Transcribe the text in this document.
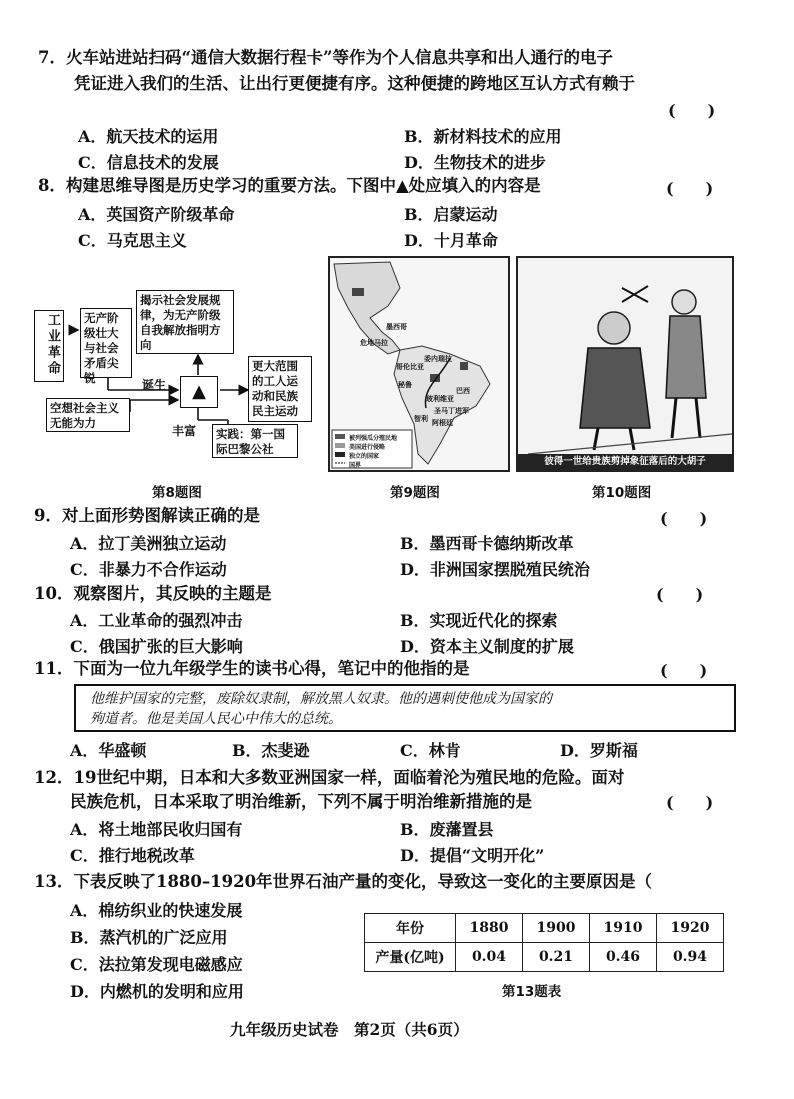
7．火车站进站扫码“通信大数据行程卡”等作为个人信息共享和出人通行的电子
凭证进入我们的生活、让出行更便捷有序。这种便捷的跨地区互认方式有赖于
(　　)
A．航天技术的运用	B．新材料技术的应用
C．信息技术的发展	D．生物技术的进步
8．构建思维导图是历史学习的重要方法。下图中▲处应填入的内容是	(　　)
A．英国资产阶级革命	B．启蒙运动
C．马克思主义	D．十月革命
工业革命	无产阶级壮大与社会矛盾尖锐
揭示社会发展规律，为无产阶级自我解放指明方向
诞生	▲
更大范围的工人运动和民族民主运动
空想社会主义无能为力
丰富	实践：第一国际巴黎公社
第8题图
墨西哥
危地马拉
委内瑞拉
哥伦比亚
巴西
秘鲁
玻利维亚
智利 阿根廷
圣马丁进军
被列强瓜分殖民地
美国进行侵略
独立的国家
国界
第9题图
彼得一世给贵族剪掉象征落后的大胡子
第10题图
9．对上面形势图解读正确的是	(　　)
A．拉丁美洲独立运动	B．墨西哥卡德纳斯改革
C．非暴力不合作运动	D．非洲国家摆脱殖民统治
10．观察图片，其反映的主题是	(　　)
A．工业革命的强烈冲击	B．实现近代化的探索
C．俄国扩张的巨大影响	D．资本主义制度的扩展
11．下面为一位九年级学生的读书心得，笔记中的他指的是	(　　)
他维护国家的完整，废除奴隶制，解放黑人奴隶。他的遇刺使他成为国家的
殉道者。他是美国人民心中伟大的总统。
A．华盛顿	B．杰斐逊	C．林肯	D．罗斯福
12．19世纪中期，日本和大多数亚洲国家一样，面临着沦为殖民地的危险。面对
民族危机，日本采取了明治维新，下列不属于明治维新措施的是	(　　)
A．将土地部民收归国有	B．废藩置县
C．推行地税改革	D．提倡“文明开化”
13．下表反映了1880–1920年世界石油产量的变化，导致这一变化的主要原因是（
A．棉纺织业的快速发展
B．蒸汽机的广泛应用
C．法拉第发现电磁感应
D．内燃机的发明和应用
年份	1880	1900	1910	1920
产量(亿吨)	0.04	0.21	0.46	0.94
第13题表
九年级历史试卷　第2页（共6页）
